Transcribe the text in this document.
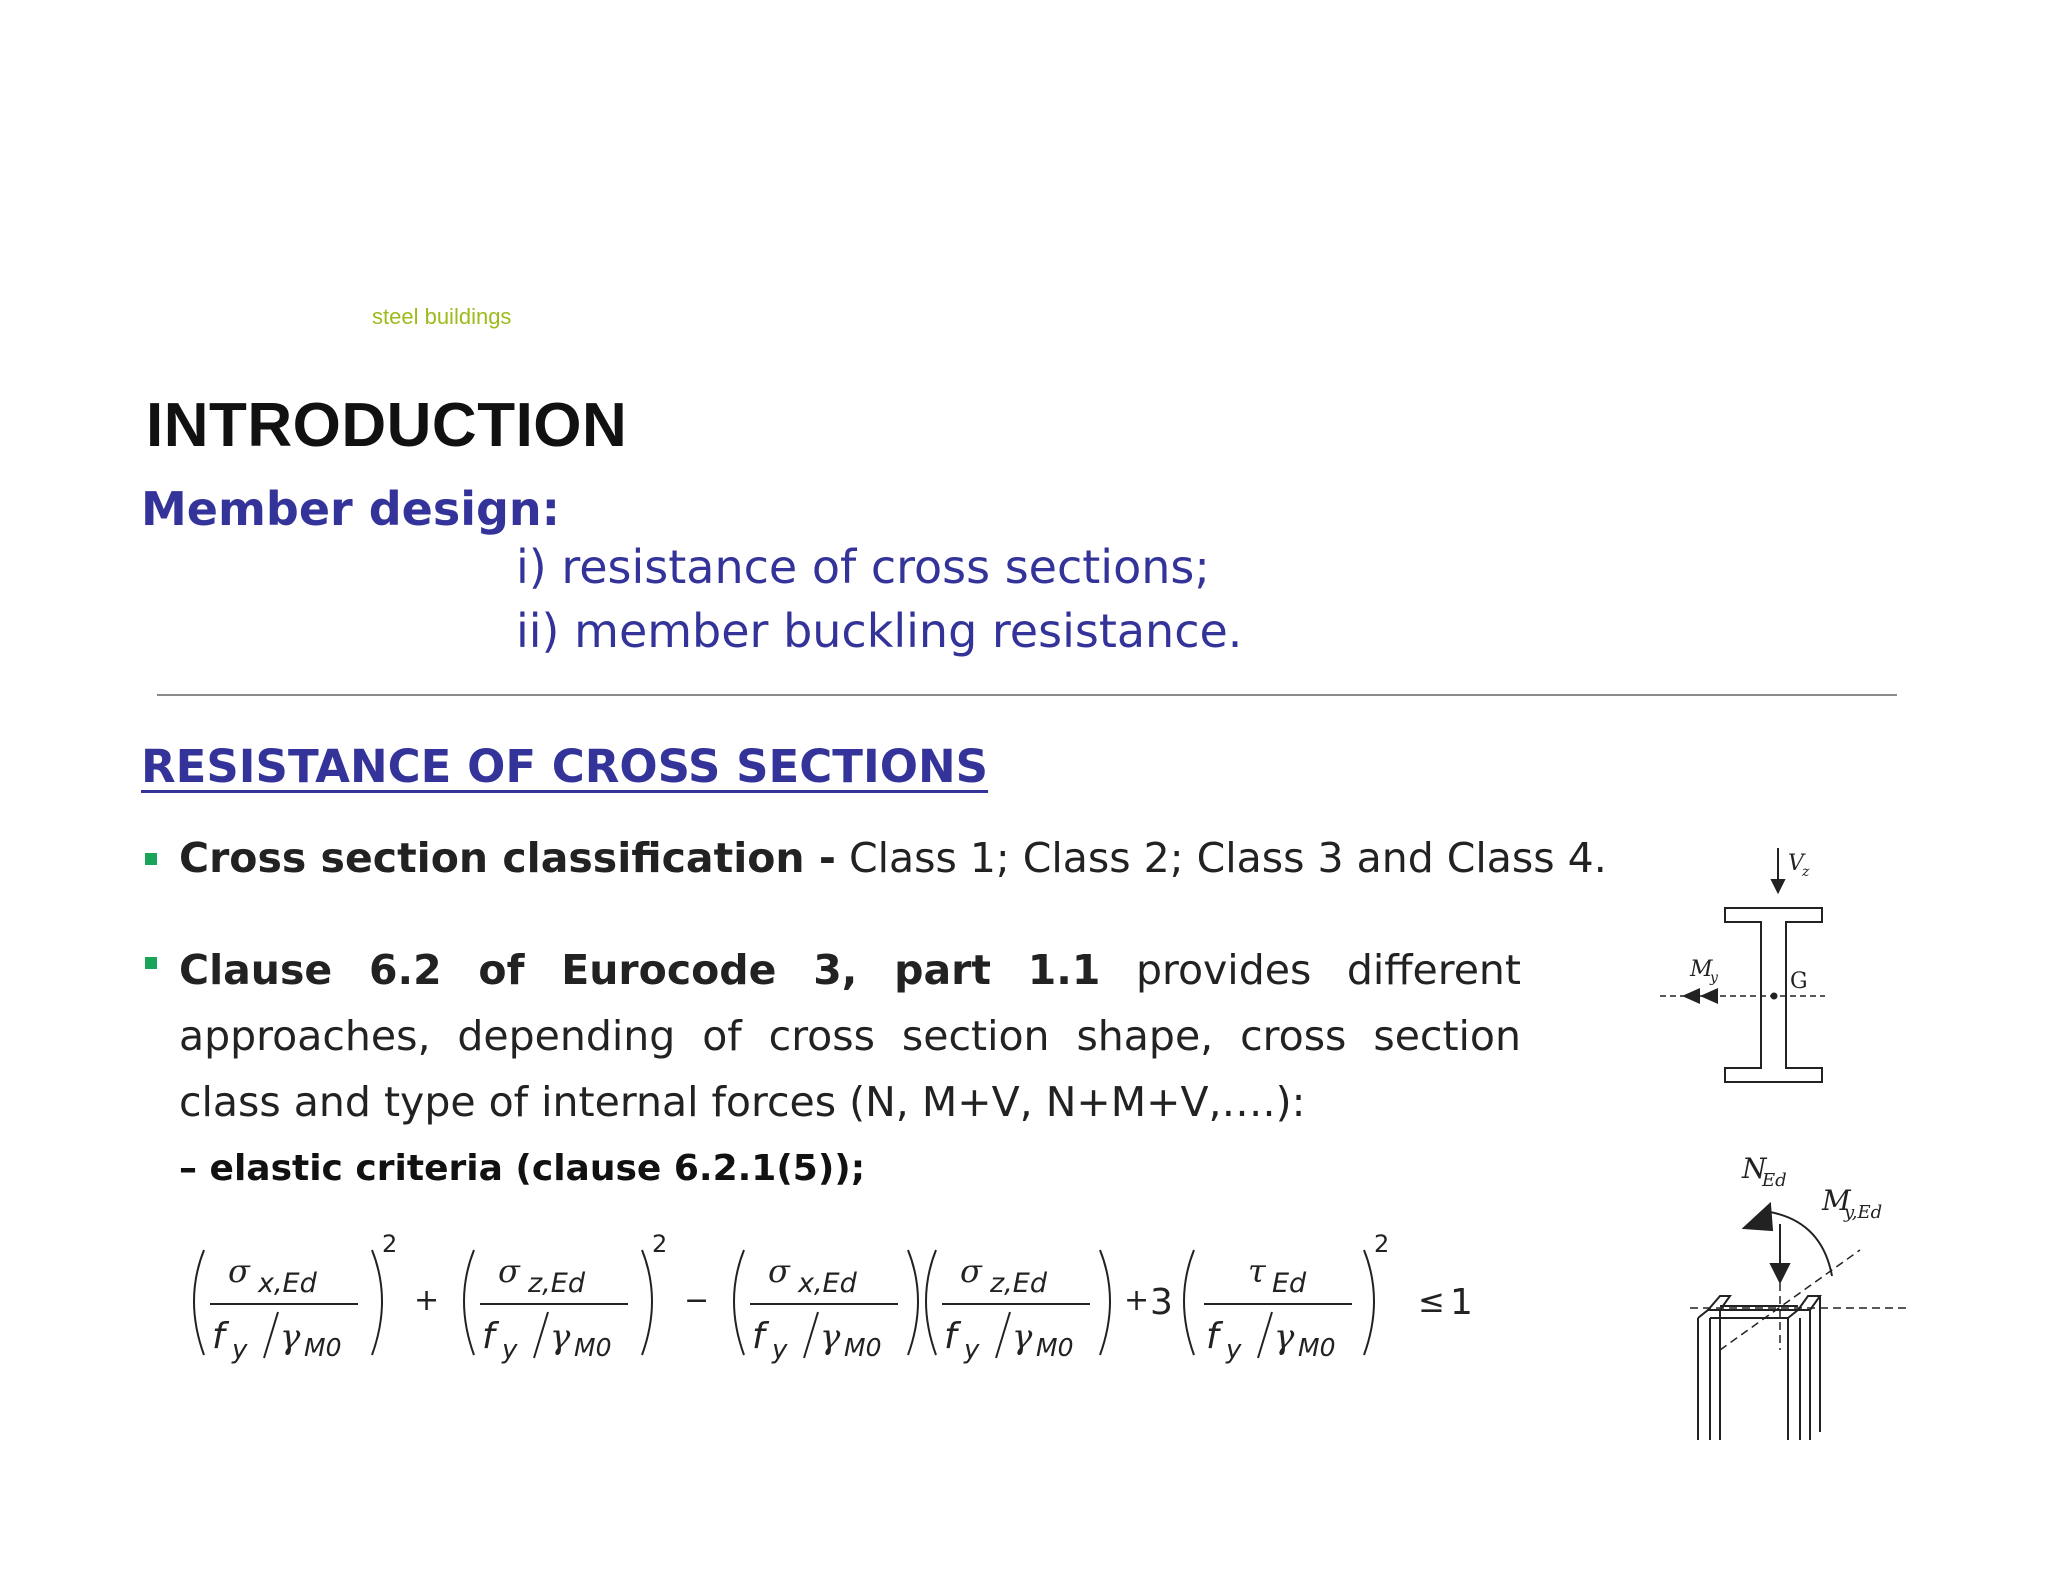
steel buildings
INTRODUCTION
Member design:
i) resistance of cross sections;
ii) member buckling resistance.
RESISTANCE OF CROSS SECTIONS
Cross section classification - Class 1; Class 2; Class 3 and Class 4.
Clause 6.2 of Eurocode 3, part 1.1 provides different approaches, depending of cross section shape, cross section class and type of internal forces (N, M+V, N+M+V,….):
– elastic criteria (clause 6.2.1(5));
σ x,Ed
f y γ M0
2
+
σ z,Ed
f y γ M0
2
−
σ x,Ed
f y γ M0
σ z,Ed
f y γ M0
+ 3
τ Ed
f y γ M0
2
≤ 1
V
z
M
y	G
N
Ed
M
y,Ed
